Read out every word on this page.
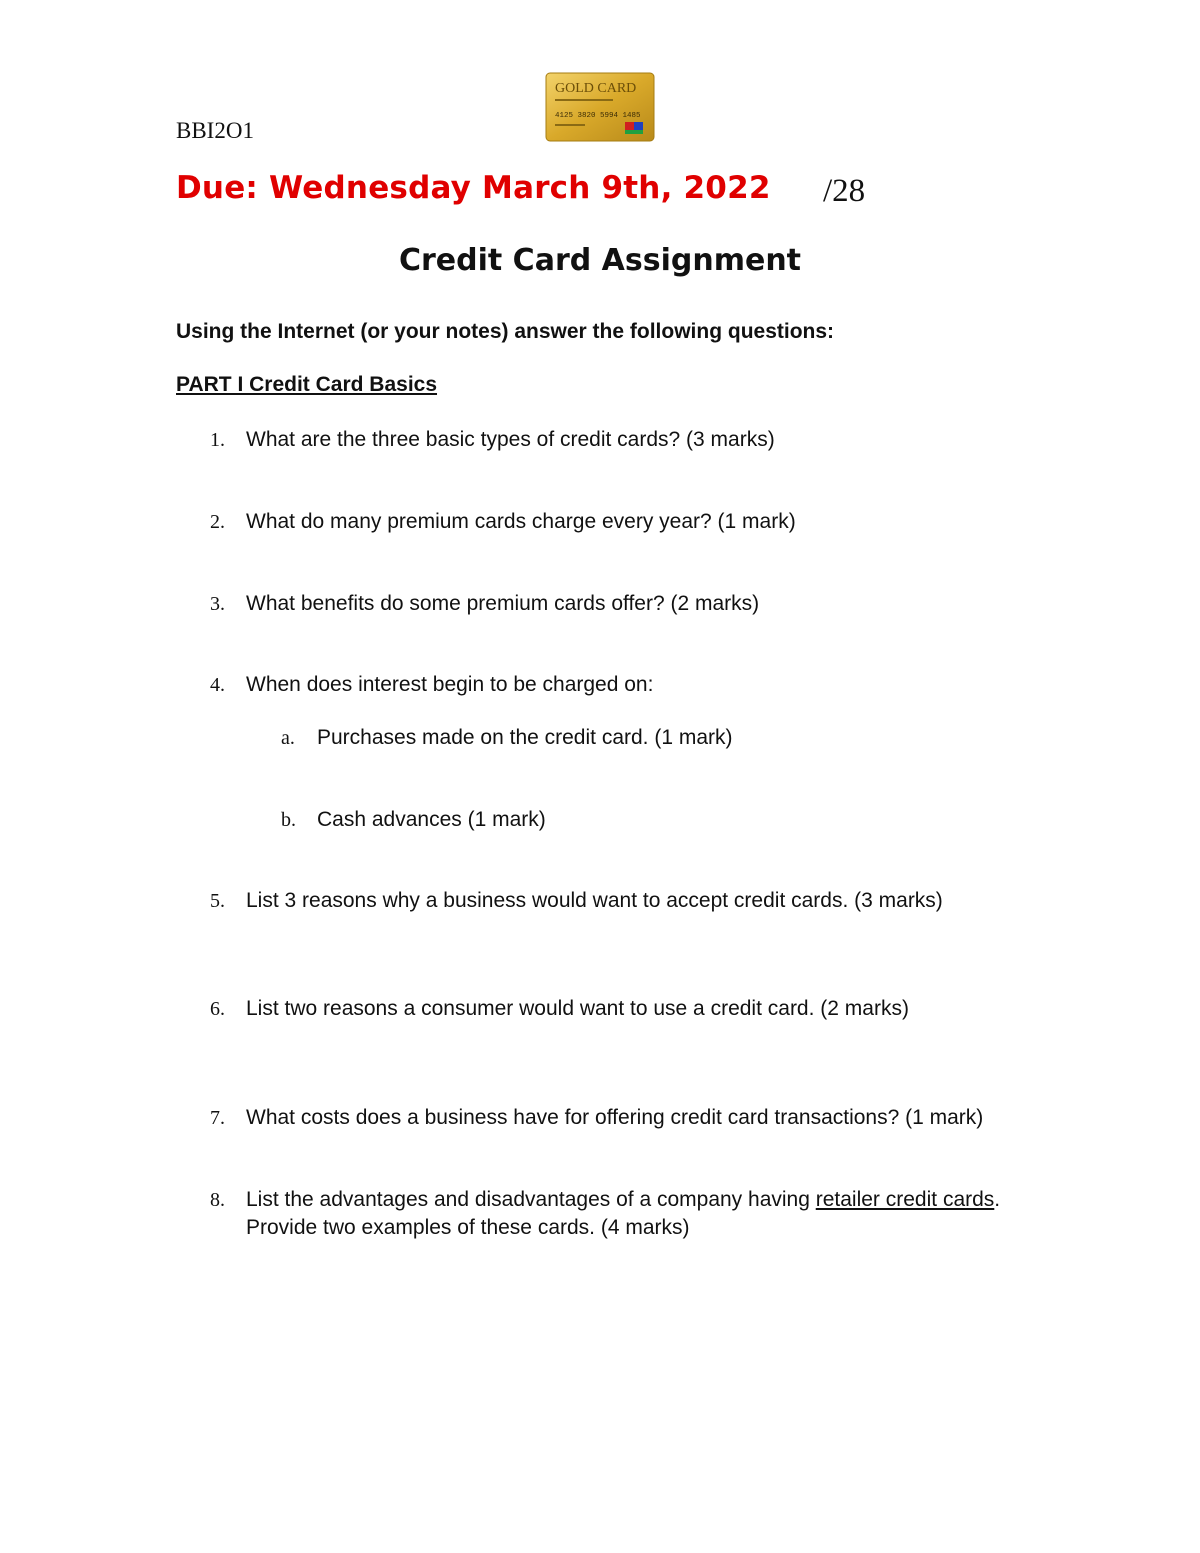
BBI2O1
GOLD CARD
4125 3820 5994 1485
Due: Wednesday March 9th, 2022 /28
Credit Card Assignment
Using the Internet (or your notes) answer the following questions:
PART I Credit Card Basics
1. What are the three basic types of credit cards? (3 marks)
2. What do many premium cards charge every year? (1 mark)
3. What benefits do some premium cards offer? (2 marks)
4. When does interest begin to be charged on:
a. Purchases made on the credit card. (1 mark)
b. Cash advances (1 mark)
5. List 3 reasons why a business would want to accept credit cards. (3 marks)
6. List two reasons a consumer would want to use a credit card. (2 marks)
7. What costs does a business have for offering credit card transactions? (1 mark)
8. List the advantages and disadvantages of a company having retailer credit cards. Provide two examples of these cards. (4 marks)
